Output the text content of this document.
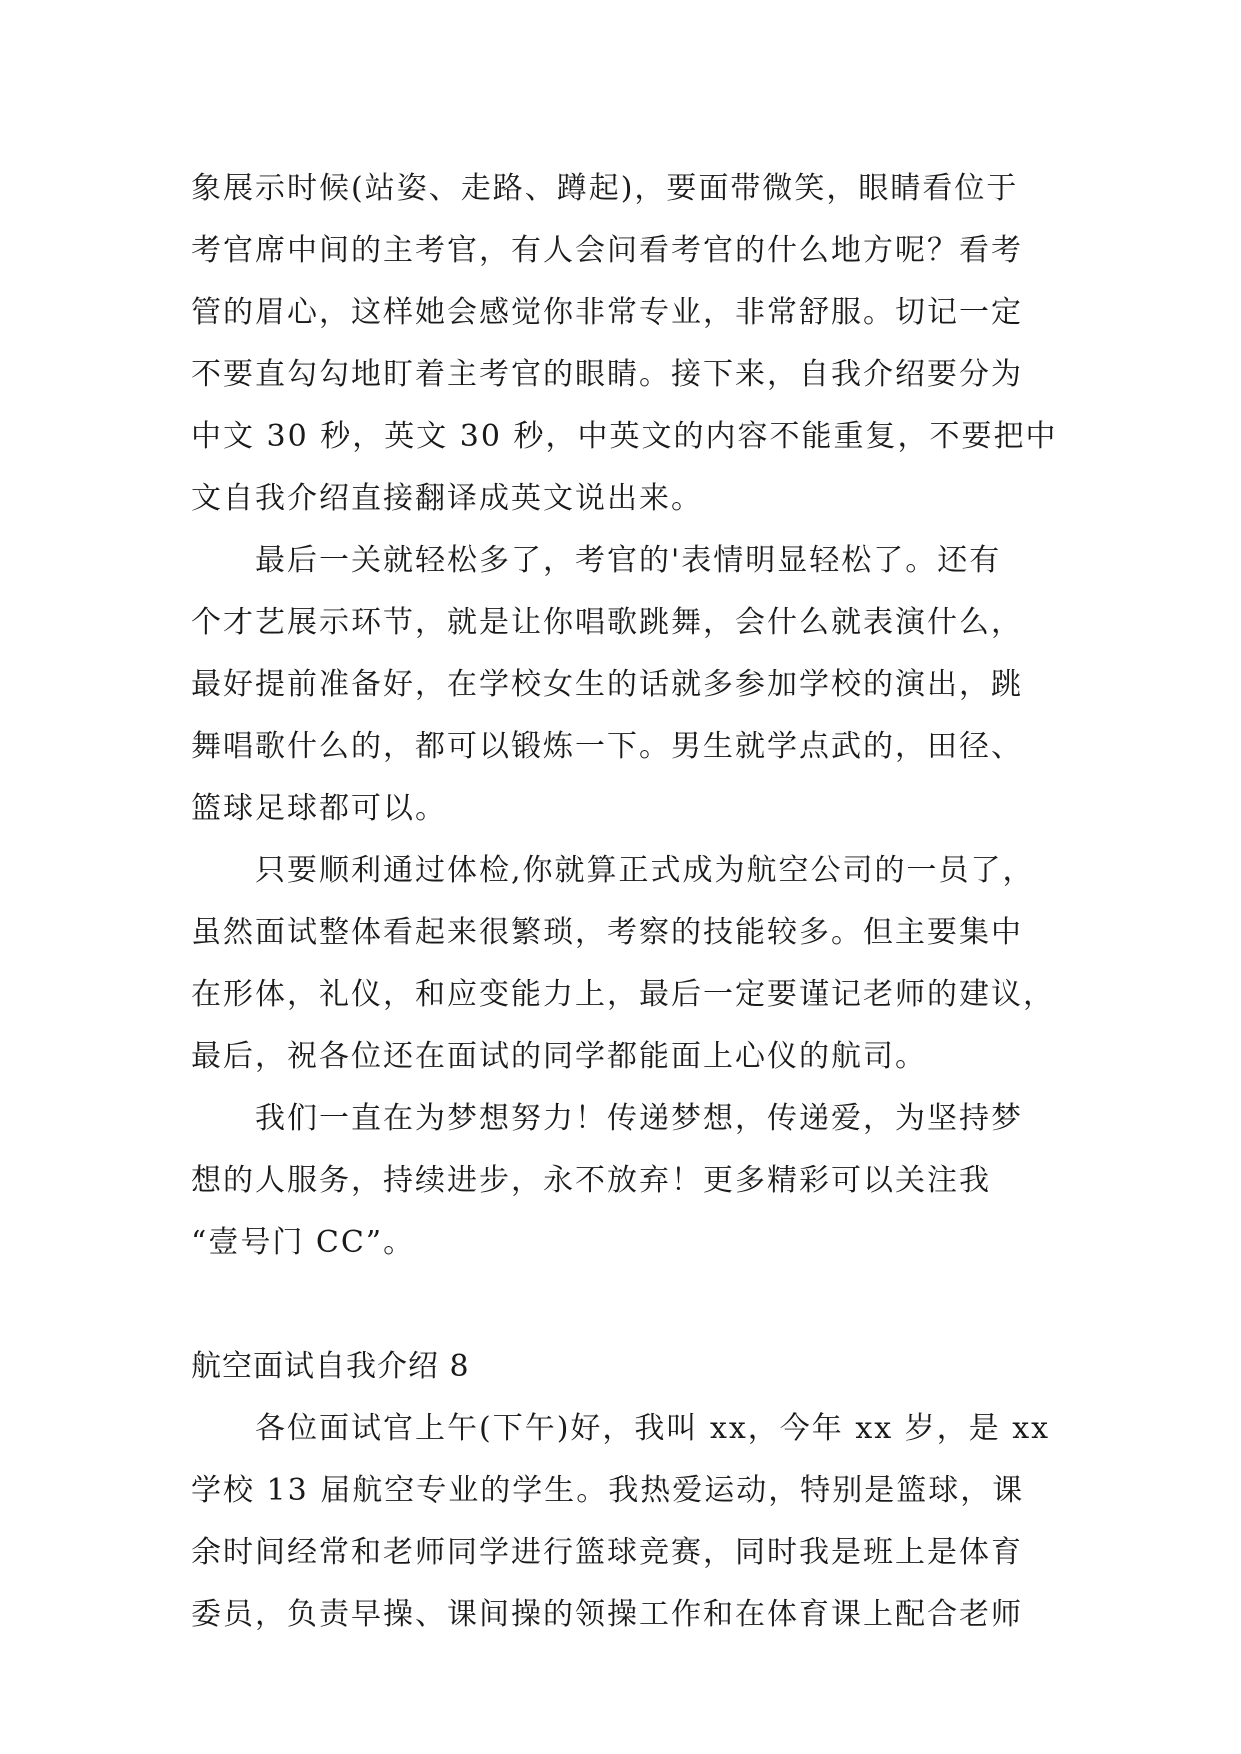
象展示时候(站姿、走路、蹲起)，要面带微笑，眼睛看位于
考官席中间的主考官，有人会问看考官的什么地方呢？看考
管的眉心，这样她会感觉你非常专业，非常舒服。切记一定
不要直勾勾地盯着主考官的眼睛。接下来，自我介绍要分为
中文 30 秒，英文 30 秒，中英文的内容不能重复，不要把中
文自我介绍直接翻译成英文说出来。
最后一关就轻松多了，考官的'表情明显轻松了。还有
个才艺展示环节，就是让你唱歌跳舞，会什么就表演什么，
最好提前准备好，在学校女生的话就多参加学校的演出，跳
舞唱歌什么的，都可以锻炼一下。男生就学点武的，田径、
篮球足球都可以。
只要顺利通过体检,你就算正式成为航空公司的一员了，
虽然面试整体看起来很繁琐，考察的技能较多。但主要集中
在形体，礼仪，和应变能力上，最后一定要谨记老师的建议，
最后，祝各位还在面试的同学都能面上心仪的航司。
我们一直在为梦想努力！传递梦想，传递爱，为坚持梦
想的人服务，持续进步，永不放弃！更多精彩可以关注我
“壹号门 CC”。
航空面试自我介绍 8
各位面试官上午(下午)好，我叫 xx，今年 xx 岁，是 xx
学校 13 届航空专业的学生。我热爱运动，特别是篮球，课
余时间经常和老师同学进行篮球竞赛，同时我是班上是体育
委员，负责早操、课间操的领操工作和在体育课上配合老师
